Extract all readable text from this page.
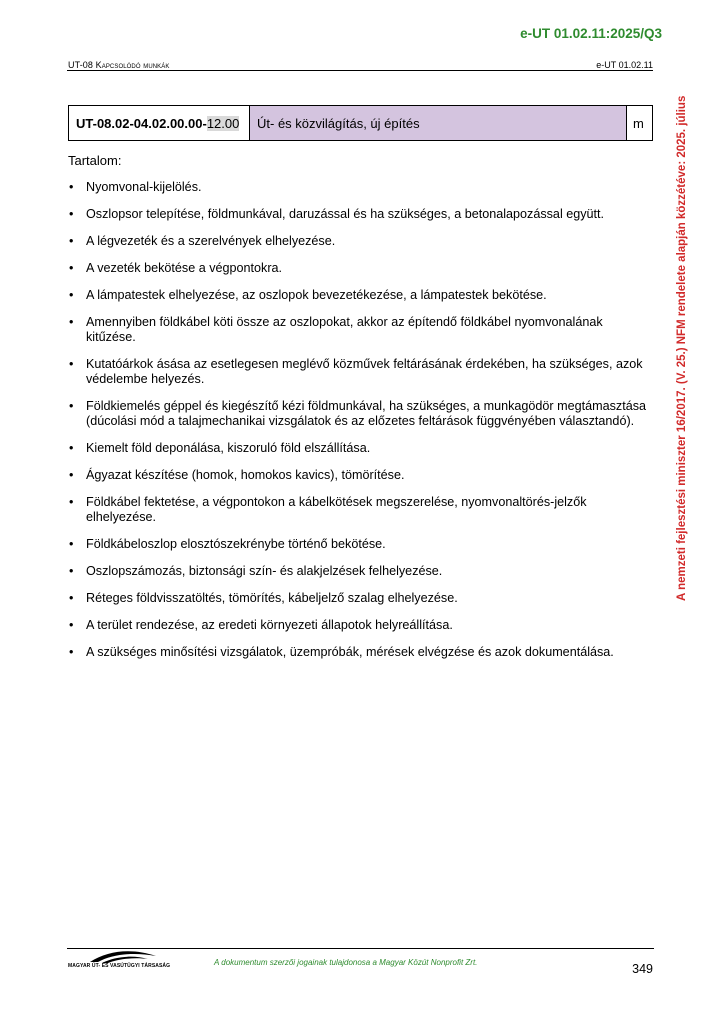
e-UT 01.02.11:2025/Q3
UT-08 Kapcsolódó munkák	e-UT 01.02.11
UT-08.02-04.02.00.00- 12.00	Út- és közvilágítás, új építés	m
Tartalom:
• Nyomvonal-kijelölés.
• Oszlopsor telepítése, földmunkával, daruzással és ha szükséges, a betonalapozással együtt.
• A légvezeték és a szerelvények elhelyezése.
• A vezeték bekötése a végpontokra.
• A lámpatestek elhelyezése, az oszlopok bevezetékezése, a lámpatestek bekötése.
• Amennyiben földkábel köti össze az oszlopokat, akkor az építendő földkábel nyomvonalának kitűzése.
• Kutatóárkok ásása az esetlegesen meglévő közművek feltárásának érdekében, ha szükséges, azok védelembe helyezés.
• Földkiemelés géppel és kiegészítő kézi földmunkával, ha szükséges, a munkagödör megtámasztása (dúcolási mód a talajmechanikai vizsgálatok és az előzetes feltárások függvényében választandó).
• Kiemelt föld deponálása, kiszoruló föld elszállítása.
• Ágyazat készítése (homok, homokos kavics), tömörítése.
• Földkábel fektetése, a végpontokon a kábelkötések megszerelése, nyomvonaltörés-jelzők elhelyezése.
• Földkábeloszlop elosztószekrénybe történő bekötése.
• Oszlopszámozás, biztonsági szín- és alakjelzések felhelyezése.
• Réteges földvisszatöltés, tömörítés, kábeljelző szalag elhelyezése.
• A terület rendezése, az eredeti környezeti állapotok helyreállítása.
• A szükséges minősítési vizsgálatok, üzempróbák, mérések elvégzése és azok dokumentálása.
A nemzeti fejlesztési miniszter 16/2017. (V. 25.) NFM rendelete alapján közzétéve: 2025. július
MAGYAR ÚT- ÉS VASÚTÜGYI TÁRSASÁG	A dokumentum szerzői jogainak tulajdonosa a Magyar Közút Nonprofit Zrt.	349
